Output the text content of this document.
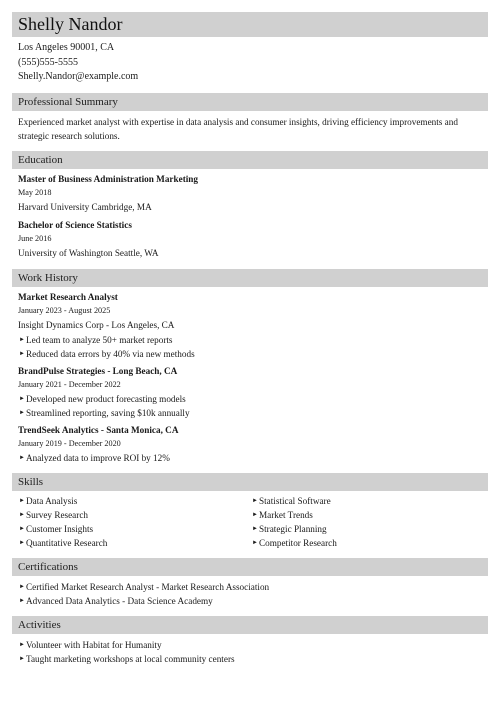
Shelly Nandor
Los Angeles 90001, CA
(555)555-5555
Shelly.Nandor@example.com
Professional Summary
Experienced market analyst with expertise in data analysis and consumer insights, driving efficiency improvements and strategic research solutions.
Education
Master of Business Administration Marketing
May 2018
Harvard University Cambridge, MA
Bachelor of Science Statistics
June 2016
University of Washington Seattle, WA
Work History
Market Research Analyst
January 2023 - August 2025
Insight Dynamics Corp - Los Angeles, CA
► Led team to analyze 50+ market reports
► Reduced data errors by 40% via new methods
BrandPulse Strategies - Long Beach, CA
January 2021 - December 2022
► Developed new product forecasting models
► Streamlined reporting, saving $10k annually
TrendSeek Analytics - Santa Monica, CA
January 2019 - December 2020
► Analyzed data to improve ROI by 12%
Skills
► Data Analysis
► Survey Research
► Customer Insights
► Quantitative Research
► Statistical Software
► Market Trends
► Strategic Planning
► Competitor Research
Certifications
► Certified Market Research Analyst - Market Research Association
► Advanced Data Analytics - Data Science Academy
Activities
► Volunteer with Habitat for Humanity
► Taught marketing workshops at local community centers
